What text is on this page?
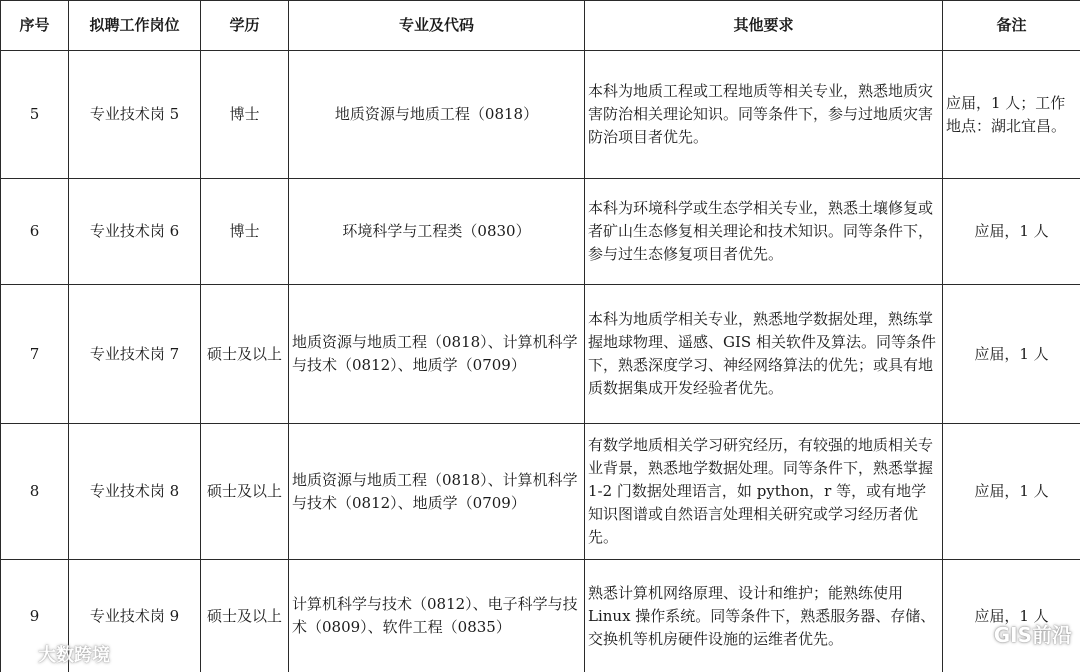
序号	拟聘工作岗位	学历	专业及代码	其他要求	备注
5	专业技术岗 5	博士	地质资源与地质工程（0818）	本科为地质工程或工程地质等相关专业，熟悉地质灾害防治相关理论知识。同等条件下，参与过地质灾害防治项目者优先。	应届，1 人；工作地点：湖北宜昌。
6	专业技术岗 6	博士	环境科学与工程类（0830）	本科为环境科学或生态学相关专业，熟悉土壤修复或者矿山生态修复相关理论和技术知识。同等条件下，参与过生态修复项目者优先。	应届，1 人
7	专业技术岗 7	硕士及以上	地质资源与地质工程（0818）、计算机科学与技术（0812）、地质学（0709）	本科为地质学相关专业，熟悉地学数据处理，熟练掌握地球物理、遥感、GIS 相关软件及算法。同等条件下，熟悉深度学习、神经网络算法的优先；或具有地质数据集成开发经验者优先。	应届，1 人
8	专业技术岗 8	硕士及以上	地质资源与地质工程（0818）、计算机科学与技术（0812）、地质学（0709）	有数学地质相关学习研究经历，有较强的地质相关专业背景，熟悉地学数据处理。同等条件下，熟悉掌握 1-2 门数据处理语言，如 python，r 等，或有地学知识图谱或自然语言处理相关研究或学习经历者优先。	应届，1 人
9	专业技术岗 9	硕士及以上	计算机科学与技术（0812）、电子科学与技术（0809）、软件工程（0835）	熟悉计算机网络原理、设计和维护；能熟练使用 Linux 操作系统。同等条件下，熟悉服务器、存储、交换机等机房硬件设施的运维者优先。	应届，1 人
大数跨境
GIS前沿
